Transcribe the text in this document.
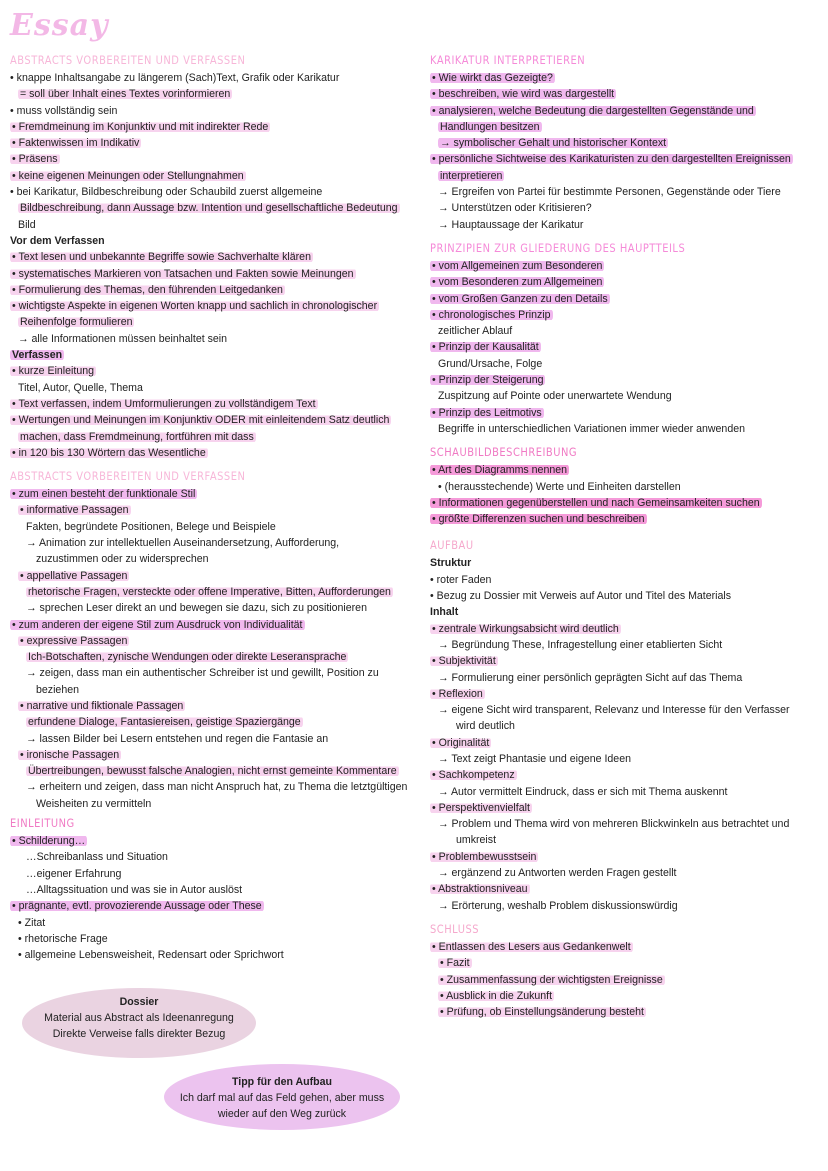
Essay
ABSTRACTS VORBEREITEN UND VERFASSEN
• knappe Inhaltsangabe zu längerem (Sach)Text, Grafik oder Karikatur
= soll über Inhalt eines Textes vorinformieren
• muss vollständig sein
• Fremdmeinung im Konjunktiv und mit indirekter Rede
• Faktenwissen im Indikativ
• Präsens
• keine eigenen Meinungen oder Stellungnahmen
• bei Karikatur, Bildbeschreibung oder Schaubild zuerst allgemeine
Bildbeschreibung, dann Aussage bzw. Intention und gesellschaftliche Bedeutung
Bild
Vor dem Verfassen
• Text lesen und unbekannte Begriffe sowie Sachverhalte klären
• systematisches Markieren von Tatsachen und Fakten sowie Meinungen
• Formulierung des Themas, den führenden Leitgedanken
• wichtigste Aspekte in eigenen Worten knapp und sachlich in chronologischer
Reihenfolge formulieren
→ alle Informationen müssen beinhaltet sein
Verfassen
• kurze Einleitung
Titel, Autor, Quelle, Thema
• Text verfassen, indem Umformulierungen zu vollständigem Text
• Wertungen und Meinungen im Konjunktiv ODER mit einleitendem Satz deutlich
machen, dass Fremdmeinung, fortführen mit dass
• in 120 bis 130 Wörtern das Wesentliche
ABSTRACTS VORBEREITEN UND VERFASSEN
• zum einen besteht der funktionale Stil
• informative Passagen
Fakten, begründete Positionen, Belege und Beispiele
→ Animation zur intellektuellen Auseinandersetzung, Aufforderung,
zuzustimmen oder zu widersprechen
• appellative Passagen
rhetorische Fragen, versteckte oder offene Imperative, Bitten, Aufforderungen
→ sprechen Leser direkt an und bewegen sie dazu, sich zu positionieren
• zum anderen der eigene Stil zum Ausdruck von Individualität
• expressive Passagen
Ich-Botschaften, zynische Wendungen oder direkte Leseransprache
→ zeigen, dass man ein authentischer Schreiber ist und gewillt, Position zu
beziehen
• narrative und fiktionale Passagen
erfundene Dialoge, Fantasiereisen, geistige Spaziergänge
→ lassen Bilder bei Lesern entstehen und regen die Fantasie an
• ironische Passagen
Übertreibungen, bewusst falsche Analogien, nicht ernst gemeinte Kommentare
→ erheitern und zeigen, dass man nicht Anspruch hat, zu Thema die letztgültigen
Weisheiten zu vermitteln
EINLEITUNG
• Schilderung…
…Schreibanlass und Situation
…eigener Erfahrung
…Alltagssituation und was sie in Autor auslöst
• prägnante, evtl. provozierende Aussage oder These
• Zitat
• rhetorische Frage
• allgemeine Lebensweisheit, Redensart oder Sprichwort
KARIKATUR INTERPRETIEREN
• Wie wirkt das Gezeigte?
• beschreiben, wie wird was dargestellt
• analysieren, welche Bedeutung die dargestellten Gegenstände und
Handlungen besitzen
→ symbolischer Gehalt und historischer Kontext
• persönliche Sichtweise des Karikaturisten zu den dargestellten Ereignissen
interpretieren
→ Ergreifen von Partei für bestimmte Personen, Gegenstände oder Tiere
→ Unterstützen oder Kritisieren?
→ Hauptaussage der Karikatur
PRINZIPIEN ZUR GLIEDERUNG DES HAUPTTEILS
• vom Allgemeinen zum Besonderen
• vom Besonderen zum Allgemeinen
• vom Großen Ganzen zu den Details
• chronologisches Prinzip
zeitlicher Ablauf
• Prinzip der Kausalität
Grund/Ursache, Folge
• Prinzip der Steigerung
Zuspitzung auf Pointe oder unerwartete Wendung
• Prinzip des Leitmotivs
Begriffe in unterschiedlichen Variationen immer wieder anwenden
SCHAUBILDBESCHREIBUNG
• Art des Diagramms nennen
• (herausstechende) Werte und Einheiten darstellen
• Informationen gegenüberstellen und nach Gemeinsamkeiten suchen
• größte Differenzen suchen und beschreiben
AUFBAU
Struktur
• roter Faden
• Bezug zu Dossier mit Verweis auf Autor und Titel des Materials
Inhalt
• zentrale Wirkungsabsicht wird deutlich
→ Begründung These, Infragestellung einer etablierten Sicht
• Subjektivität
→ Formulierung einer persönlich geprägten Sicht auf das Thema
• Reflexion
→ eigene Sicht wird transparent, Relevanz und Interesse für den Verfasser
wird deutlich
• Originalität
→ Text zeigt Phantasie und eigene Ideen
• Sachkompetenz
→ Autor vermittelt Eindruck, dass er sich mit Thema auskennt
• Perspektivenvielfalt
→ Problem und Thema wird von mehreren Blickwinkeln aus betrachtet und
umkreist
• Problembewusstsein
→ ergänzend zu Antworten werden Fragen gestellt
• Abstraktionsniveau
→ Erörterung, weshalb Problem diskussionswürdig
SCHLUSS
• Entlassen des Lesers aus Gedankenwelt
• Fazit
• Zusammenfassung der wichtigsten Ereignisse
• Ausblick in die Zukunft
• Prüfung, ob Einstellungsänderung besteht
Dossier
Material aus Abstract als Ideenanregung
Direkte Verweise falls direkter Bezug
Tipp für den Aufbau
Ich darf mal auf das Feld gehen, aber muss
wieder auf den Weg zurück
